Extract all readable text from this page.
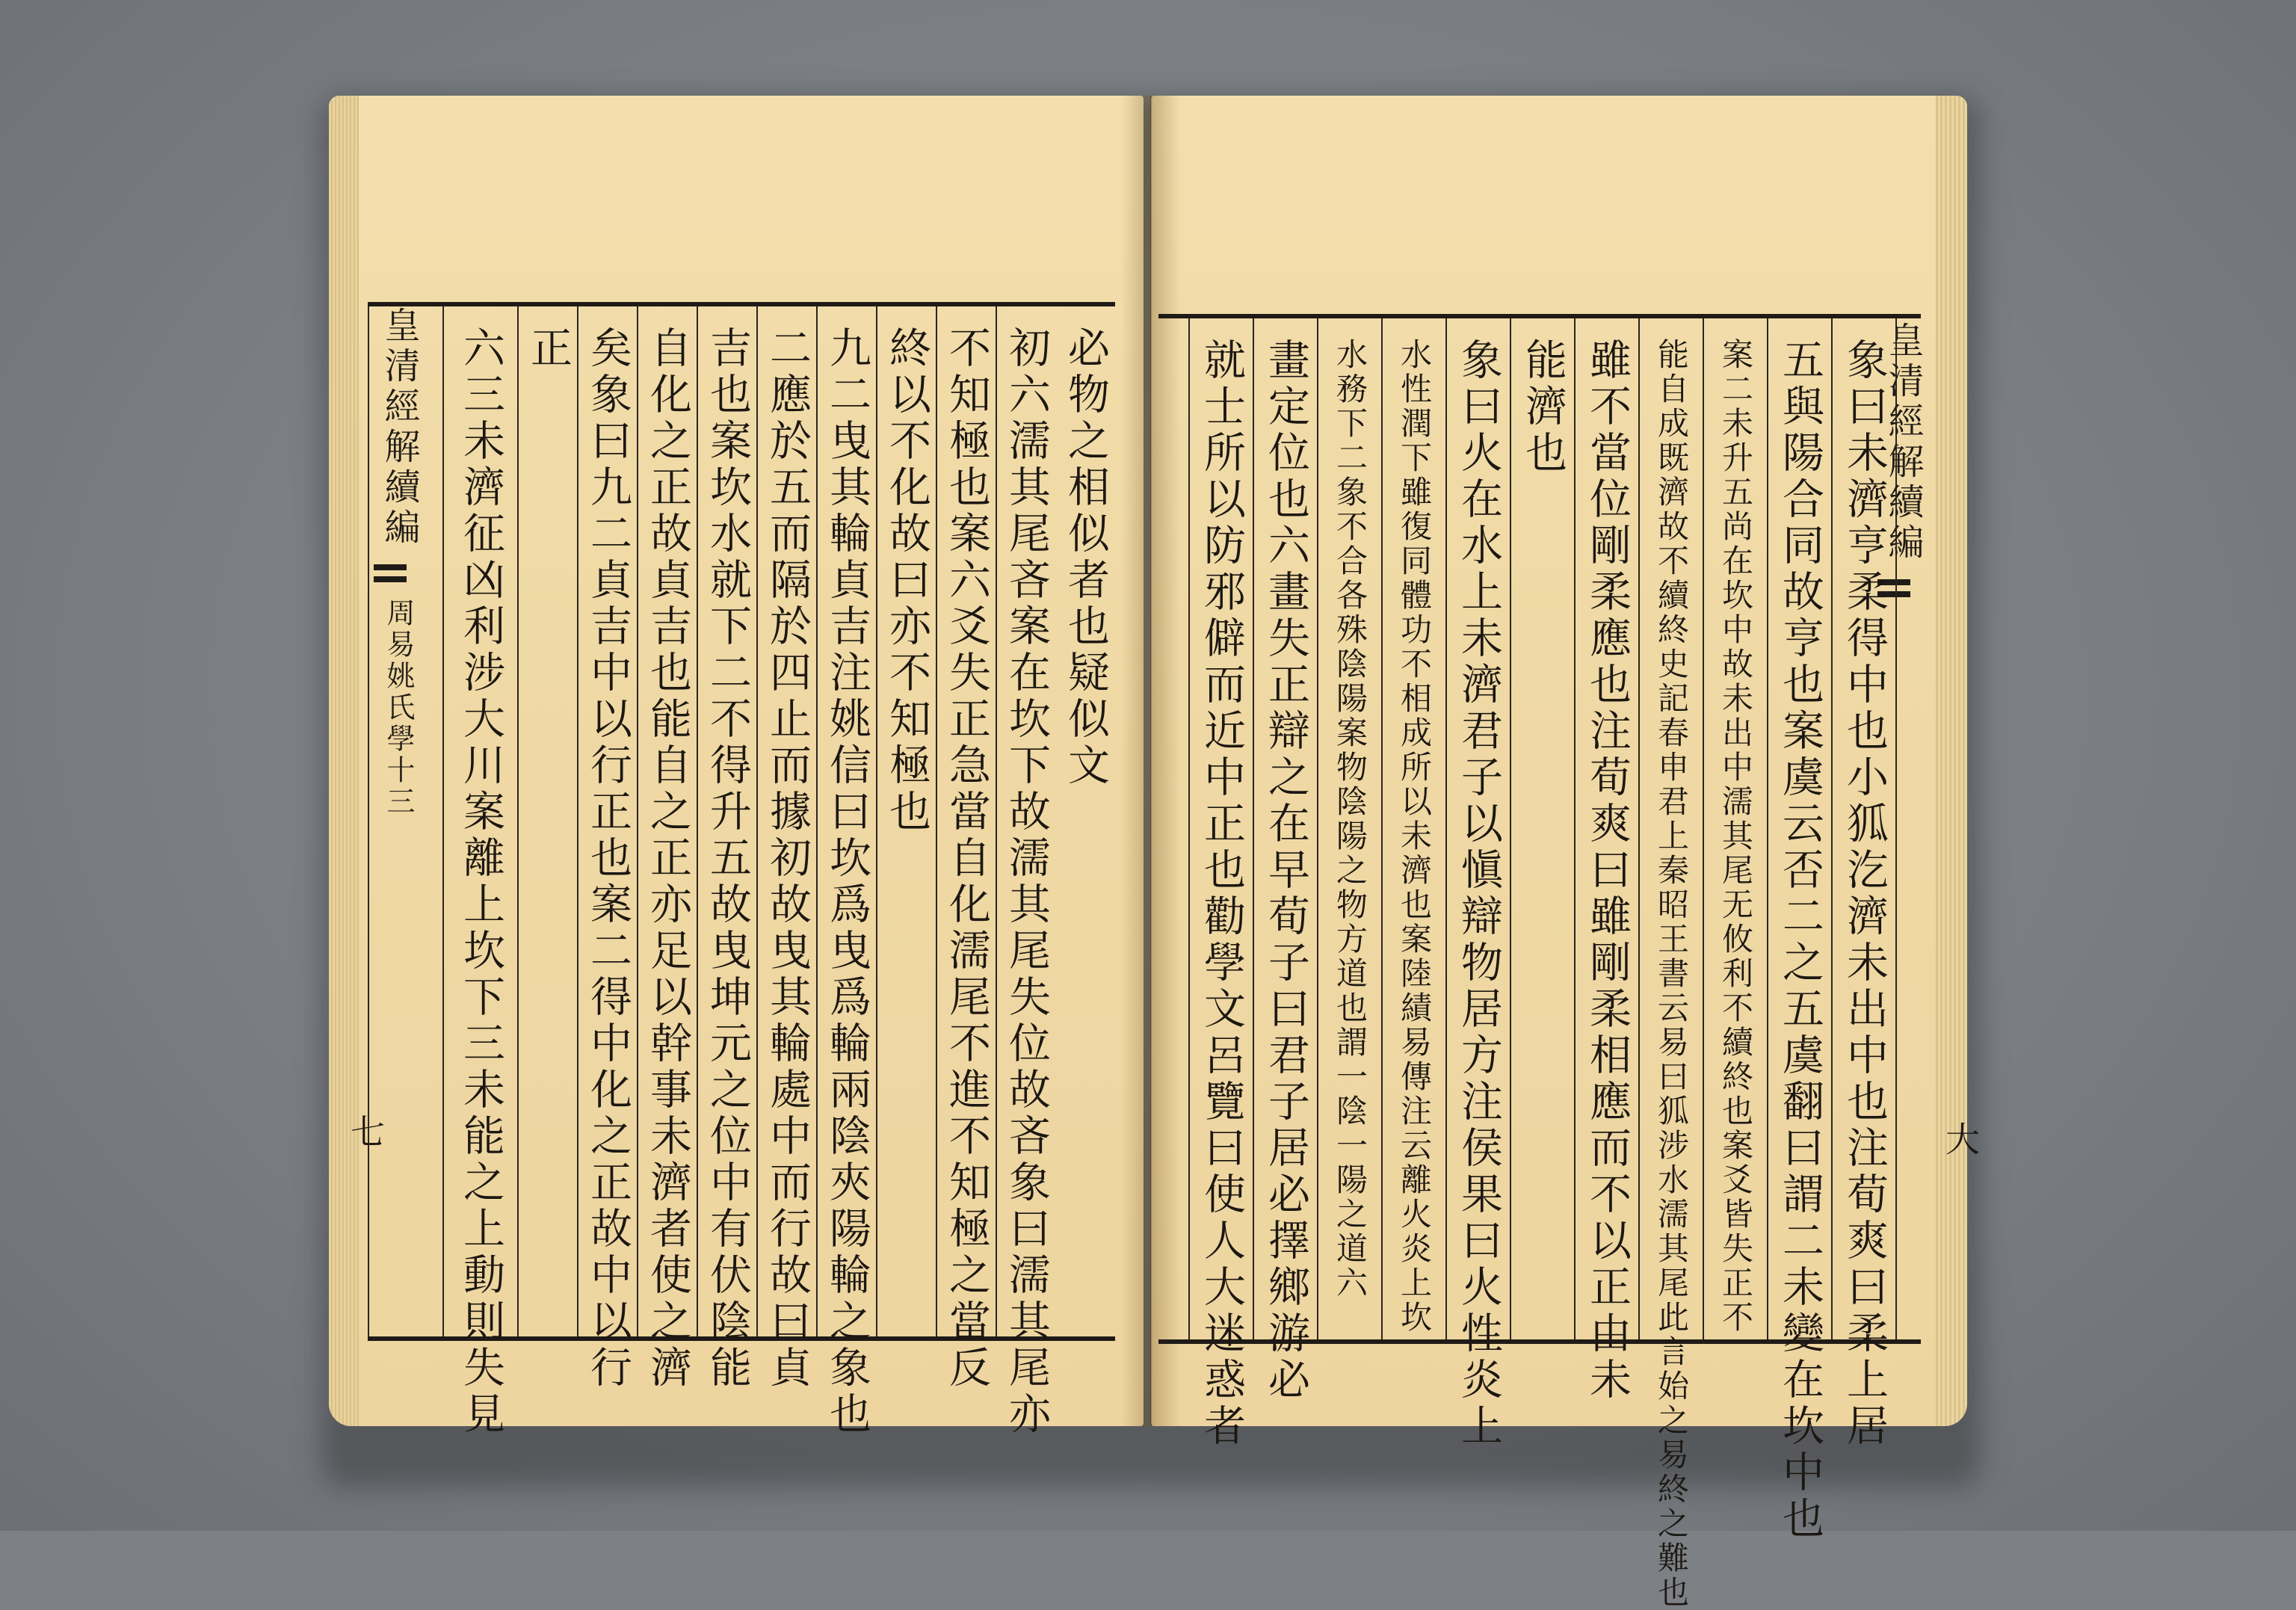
皇清經解續編
周易姚氏學十三
七
必物之相似者也疑似文
初六濡其尾吝案在坎下故濡其尾失位故吝象曰濡其尾亦
不知極也案六爻失正急當自化濡尾不進不知極之當反
終以不化故曰亦不知極也
九二曳其輪貞吉注姚信曰坎爲曳爲輪兩陰夾陽輪之象也
二應於五而隔於四止而據初故曳其輪處中而行故曰貞
吉也案坎水就下二不得升五故曳坤元之位中有伏陰能
自化之正故貞吉也能自之正亦足以幹事未濟者使之濟
矣象曰九二貞吉中以行正也案二得中化之正故中以行
正
六三未濟征凶利涉大川案離上坎下三未能之上動則失見	皇清經解續編
大
象曰未濟亨柔得中也小狐汔濟未出中也注荀爽曰柔上居
五與陽合同故亨也案虞云否二之五虞翻曰謂二未變在坎中也
案二未升五尚在坎中故未出中濡其尾无攸利不續終也案爻皆失正不
能自成既濟故不續終史記春申君上秦昭王書云易曰狐涉水濡其尾此言始之易終之難也
雖不當位剛柔應也注荀爽曰雖剛柔相應而不以正由未
能濟也
象曰火在水上未濟君子以愼辯物居方注侯果曰火性炎上
水性潤下雖復同體功不相成所以未濟也案陸績易傳注云離火炎上坎
水務下二象不合各殊陰陽案物陰陽之物方道也謂一陰一陽之道六
畫定位也六畫失正辯之在早荀子曰君子居必擇鄉游必
就士所以防邪僻而近中正也勸學文呂覽曰使人大迷惑者
